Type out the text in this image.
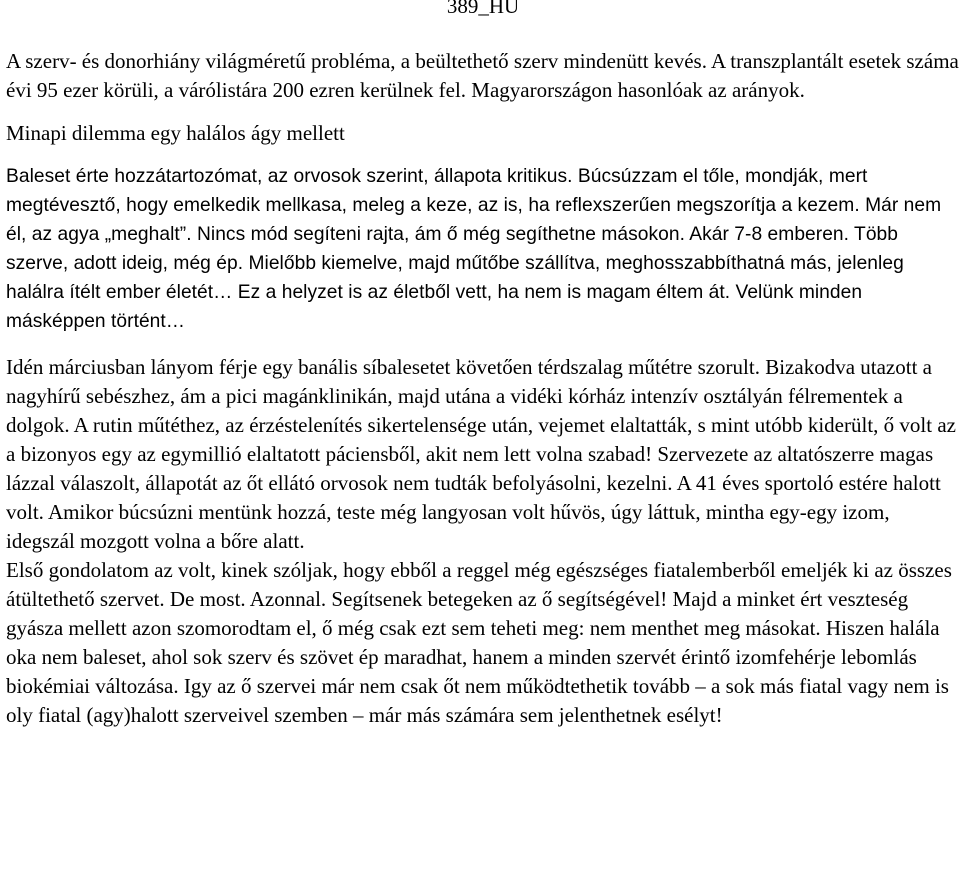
389_HU

A szerv- és donorhiány világméretű probléma, a beültethető szerv mindenütt kevés. A transzplantált esetek száma évi 95 ezer körüli, a várólistára 200 ezren kerülnek fel. Magyarországon hasonlóak az arányok.

Minapi dilemma egy halálos ágy mellett

Baleset érte hozzátartozómat, az orvosok szerint, állapota kritikus. Búcsúzzam el tőle, mondják, mert megtévesztő, hogy emelkedik mellkasa, meleg a keze, az is, ha reflexszerűen megszorítja a kezem. Már nem él, az agya „meghalt”. Nincs mód segíteni rajta, ám ő még segíthetne másokon. Akár 7-8 emberen. Több szerve, adott ideig, még ép. Mielőbb kiemelve, majd műtőbe szállítva, meghosszabbíthatná más, jelenleg halálra ítélt ember életét… Ez a helyzet is az életből vett, ha nem is magam éltem át. Velünk minden másképpen történt…

Idén márciusban lányom férje egy banális síbalesetet követően térdszalag műtétre szorult. Bizakodva utazott a nagyhírű sebészhez, ám a pici magánklinikán, majd utána a vidéki kórház intenzív osztályán félrementek a dolgok. A rutin műtéthez, az érzéstelenítés sikertelensége után, vejemet elaltatták, s mint utóbb kiderült, ő volt az a bizonyos egy az egymillió elaltatott páciensből, akit nem lett volna szabad! Szervezete az altatószerre magas lázzal válaszolt, állapotát az őt ellátó orvosok nem tudták befolyásolni, kezelni. A 41 éves sportoló estére halott volt. Amikor búcsúzni mentünk hozzá, teste még langyosan volt hűvös, úgy láttuk, mintha egy-egy izom, idegszál mozgott volna a bőre alatt.

Első gondolatom az volt, kinek szóljak, hogy ebből a reggel még egészséges fiatalemberből emeljék ki az összes átültethető szervet. De most. Azonnal. Segítsenek betegeken az ő segítségével! Majd a minket ért veszteség gyásza mellett azon szomorodtam el, ő még csak ezt sem teheti meg: nem menthet meg másokat. Hiszen halála oka nem baleset, ahol sok szerv és szövet ép maradhat, hanem a minden szervét érintő izomfehérje lebomlás biokémiai változása. Igy az ő szervei már nem csak őt nem működtethetik tovább – a sok más fiatal vagy nem is oly fiatal (agy)halott szerveivel szemben – már más számára sem jelenthetnek esélyt!
